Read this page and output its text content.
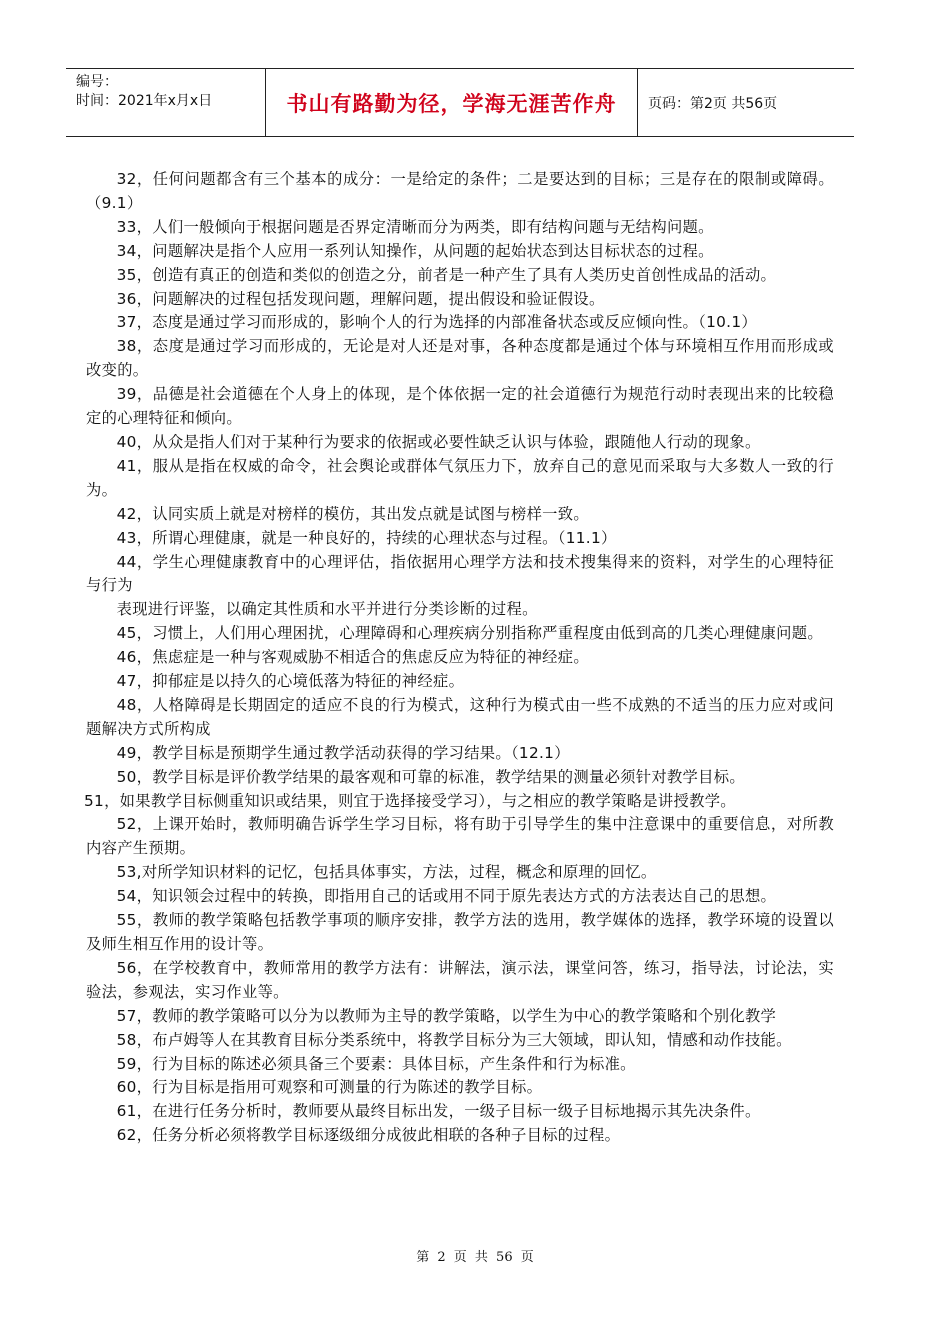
编号：
时间：2021年x月x日	书山有路勤为径，学海无涯苦作舟	页码：第2页 共56页

32，任何问题都含有三个基本的成分：一是给定的条件；二是要达到的目标；三是存在的限制或障碍。（9.1）

33，人们一般倾向于根据问题是否界定清晰而分为两类，即有结构问题与无结构问题。

34，问题解决是指个人应用一系列认知操作，从问题的起始状态到达目标状态的过程。

35，创造有真正的创造和类似的创造之分，前者是一种产生了具有人类历史首创性成品的活动。

36，问题解决的过程包括发现问题，理解问题，提出假设和验证假设。

37，态度是通过学习而形成的，影响个人的行为选择的内部准备状态或反应倾向性。（10.1）

38，态度是通过学习而形成的，无论是对人还是对事，各种态度都是通过个体与环境相互作用而形成或改变的。

39，品德是社会道德在个人身上的体现，是个体依据一定的社会道德行为规范行动时表现出来的比较稳定的心理特征和倾向。

40，从众是指人们对于某种行为要求的依据或必要性缺乏认识与体验，跟随他人行动的现象。

41，服从是指在权威的命令，社会舆论或群体气氛压力下，放弃自己的意见而采取与大多数人一致的行为。

42，认同实质上就是对榜样的模仿，其出发点就是试图与榜样一致。

43，所谓心理健康，就是一种良好的，持续的心理状态与过程。（11.1）

44，学生心理健康教育中的心理评估，指依据用心理学方法和技术搜集得来的资料，对学生的心理特征与行为

表现进行评鉴，以确定其性质和水平并进行分类诊断的过程。

45，习惯上，人们用心理困扰，心理障碍和心理疾病分别指称严重程度由低到高的几类心理健康问题。

46，焦虑症是一种与客观威胁不相适合的焦虑反应为特征的神经症。

47，抑郁症是以持久的心境低落为特征的神经症。

48，人格障碍是长期固定的适应不良的行为模式，这种行为模式由一些不成熟的不适当的压力应对或问题解决方式所构成

49，教学目标是预期学生通过教学活动获得的学习结果。（12.1）

50，教学目标是评价教学结果的最客观和可靠的标准，教学结果的测量必须针对教学目标。

51，如果教学目标侧重知识或结果，则宜于选择接受学习），与之相应的教学策略是讲授教学。

52，上课开始时，教师明确告诉学生学习目标，将有助于引导学生的集中注意课中的重要信息，对所教内容产生预期。

53,对所学知识材料的记忆，包括具体事实，方法，过程，概念和原理的回忆。

54，知识领会过程中的转换，即指用自己的话或用不同于原先表达方式的方法表达自己的思想。

55，教师的教学策略包括教学事项的顺序安排，教学方法的选用，教学媒体的选择，教学环境的设置以及师生相互作用的设计等。

56，在学校教育中，教师常用的教学方法有：讲解法，演示法，课堂问答，练习，指导法，讨论法，实验法，参观法，实习作业等。

57，教师的教学策略可以分为以教师为主导的教学策略，以学生为中心的教学策略和个别化教学

58，布卢姆等人在其教育目标分类系统中，将教学目标分为三大领域，即认知，情感和动作技能。

59，行为目标的陈述必须具备三个要素：具体目标，产生条件和行为标准。

60，行为目标是指用可观察和可测量的行为陈述的教学目标。

61，在进行任务分析时，教师要从最终目标出发，一级子目标一级子目标地揭示其先决条件。

62，任务分析必须将教学目标逐级细分成彼此相联的各种子目标的过程。

第 2 页 共 56 页
